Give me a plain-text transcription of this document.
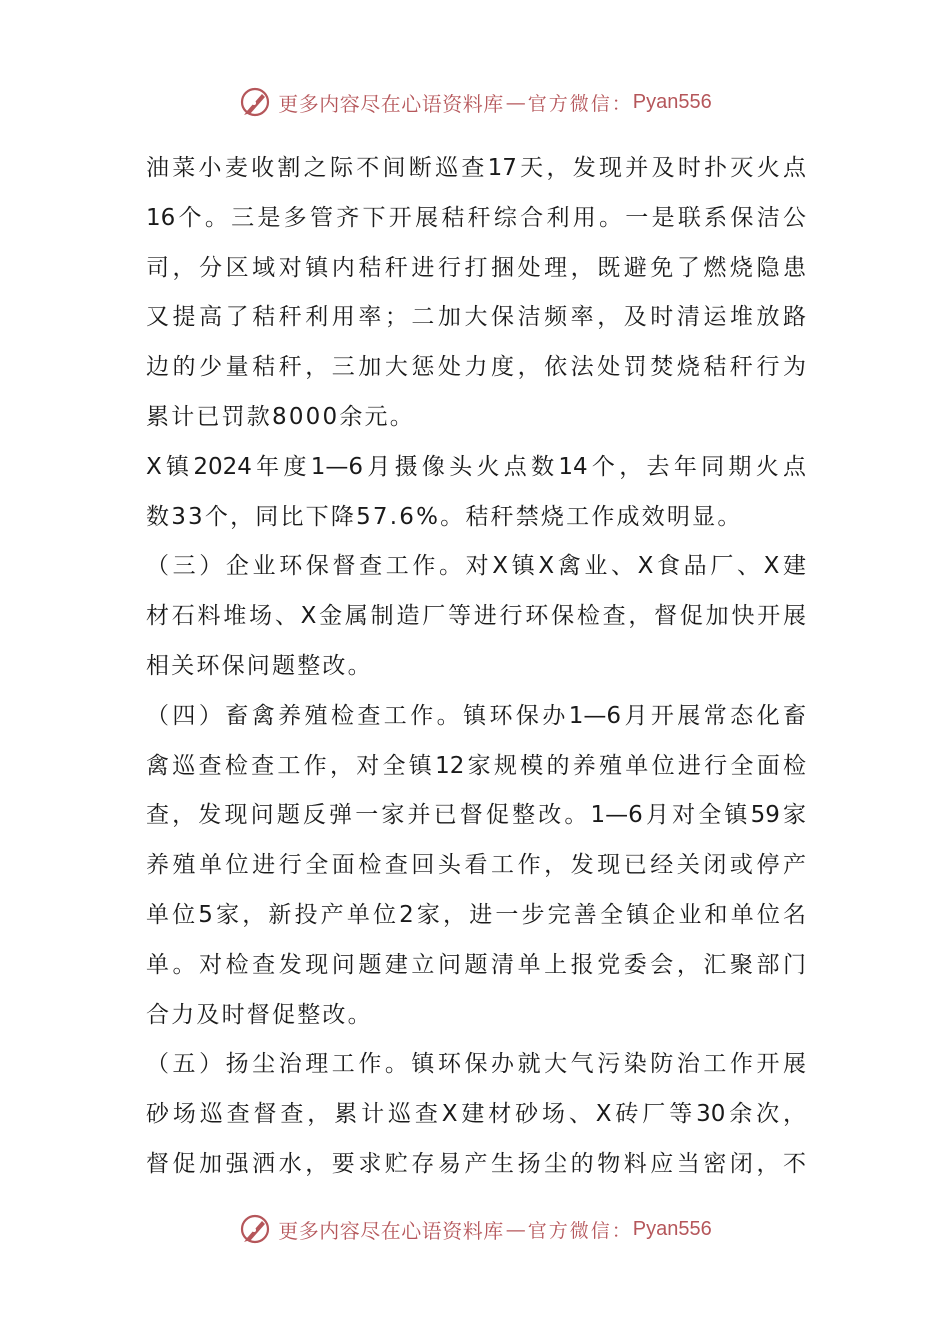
更多内容尽在心语资料库 — 官方微信： Pyan556
油菜小麦收割之际不间断巡查17天，发现并及时扑灭火点
16个。三是多管齐下开展秸秆综合利用。一是联系保洁公
司，分区域对镇内秸秆进行打捆处理，既避免了燃烧隐患
又提高了秸秆利用率；二加大保洁频率，及时清运堆放路
边的少量秸秆，三加大惩处力度，依法处罚焚烧秸秆行为
累计已罚款8000余元。
X镇2024年度1—6月摄像头火点数14个，去年同期火点
数33个，同比下降57.6%。秸秆禁烧工作成效明显。
（三）企业环保督查工作。对X镇X禽业、X食品厂、X建
材石料堆场、X金属制造厂等进行环保检查，督促加快开展
相关环保问题整改。
（四）畜禽养殖检查工作。镇环保办1—6月开展常态化畜
禽巡查检查工作，对全镇12家规模的养殖单位进行全面检
查，发现问题反弹一家并已督促整改。1—6月对全镇59家
养殖单位进行全面检查回头看工作，发现已经关闭或停产
单位5家，新投产单位2家，进一步完善全镇企业和单位名
单。对检查发现问题建立问题清单上报党委会，汇聚部门
合力及时督促整改。
（五）扬尘治理工作。镇环保办就大气污染防治工作开展
砂场巡查督查，累计巡查X建材砂场、X砖厂等30余次，
督促加强洒水，要求贮存易产生扬尘的物料应当密闭，不
更多内容尽在心语资料库 — 官方微信： Pyan556
